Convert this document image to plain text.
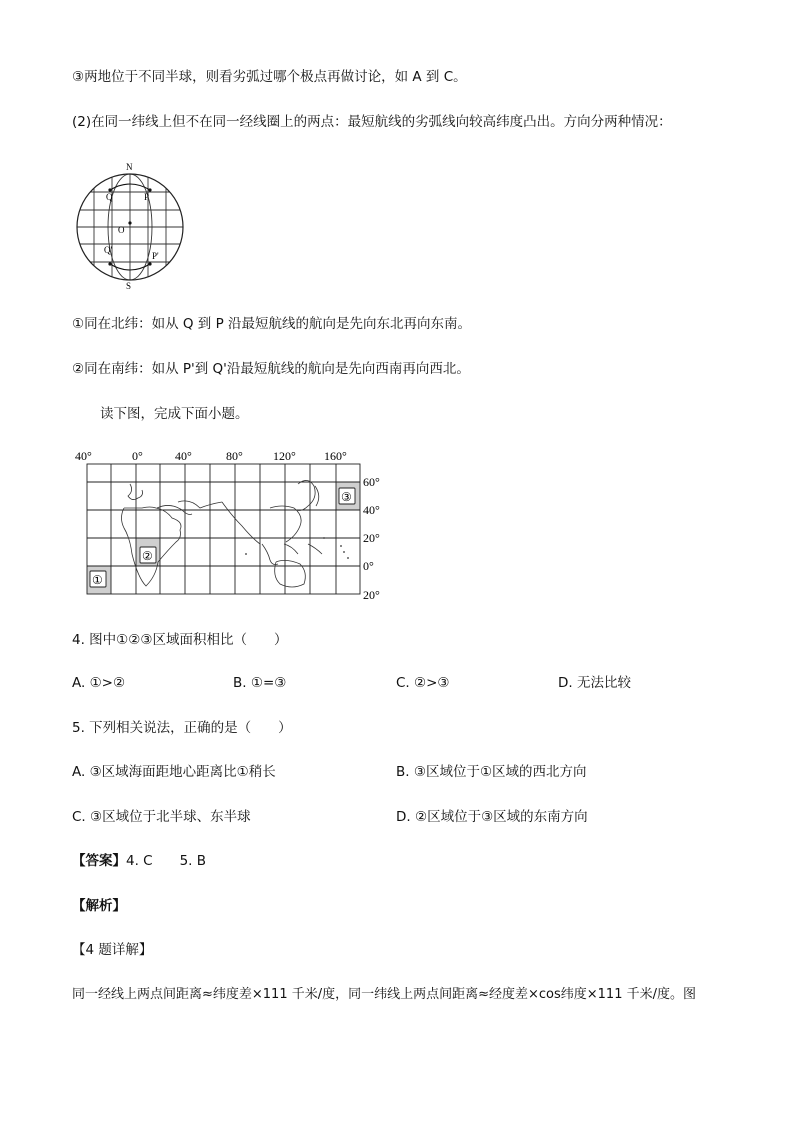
③两地位于不同半球，则看劣弧过哪个极点再做讨论，如 A 到 C。
(2)在同一纬线上但不在同一经线圈上的两点：最短航线的劣弧线向较高纬度凸出。方向分两种情况：
N
S
O
Q	P
Q'
P'
①同在北纬：如从 Q 到 P 沿最短航线的航向是先向东北再向东南。
②同在南纬：如从 P'到 Q'沿最短航线的航向是先向西南再向西北。
读下图，完成下面小题。
①
②
③
40°	0°	40°	80°	120° 160°
60°
40°
20°
0°
20°
4. 图中①②③区域面积相比（　　）
A. ①>②	B. ①=③	C. ②>③	D. 无法比较
5. 下列相关说法，正确的是（　　）
A. ③区域海面距地心距离比①稍长	B. ③区域位于①区域的西北方向
C. ③区域位于北半球、东半球	D. ②区域位于③区域的东南方向
【答案】4. C　　5. B
【解析】
【4 题详解】
同一经线上两点间距离≈纬度差×111 千米/度，同一纬线上两点间距离≈经度差×cos纬度×111 千米/度。图
